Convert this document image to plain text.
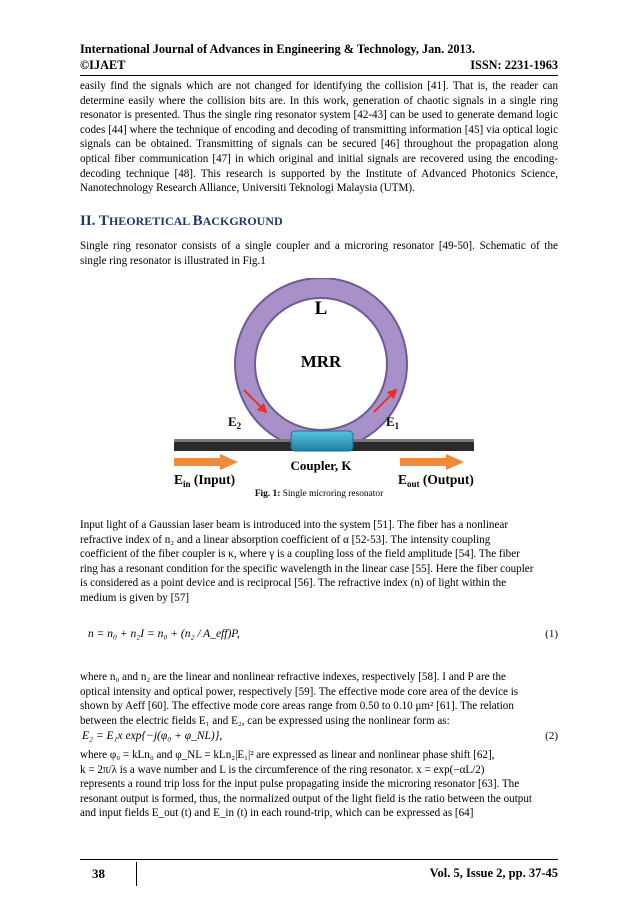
International Journal of Advances in Engineering & Technology, Jan. 2013.
©IJAET	ISSN: 2231-1963

easily find the signals which are not changed for identifying the collision [41]. That is, the reader can determine easily where the collision bits are. In this work, generation of chaotic signals in a single ring resonator is presented. Thus the single ring resonator system [42-43] can be used to generate demand logic codes [44] where the technique of encoding and decoding of transmitting information [45] via optical logic signals can be obtained. Transmitting of signals can be secured [46] throughout the propagation along optical fiber communication [47] in which original and initial signals are recovered using the encoding-decoding technique [48]. This research is supported by the Institute of Advanced Photonics Science, Nanotechnology Research Alliance, Universiti Teknologi Malaysia (UTM).

II. THEORETICAL BACKGROUND

Single ring resonator consists of a single coupler and a microring resonator [49-50]. Schematic of the single ring resonator is illustrated in Fig.1

L
MRR
$E_2$	$E_1$
Coupler, K
$E_{in}$ (Input)	$E_{out}$ (Output)
Fig. 1: Single microring resonator
Input light of a Gaussian laser beam is introduced into the system [51]. The fiber has a nonlinear
refractive index of n₂ and a linear absorption coefficient of α [52-53]. The intensity coupling
coefficient of the fiber coupler is κ, where γ is a coupling loss of the field amplitude [54]. The fiber
ring has a resonant condition for the specific wavelength in the linear case [55]. Here the fiber coupler
is considered as a point device and is reciprocal [56]. The refractive index (n) of light within the
medium is given by [57]
n = n₀ + n₂I = n₀ + (n₂ / A_eff)P,	(1)
where n₀ and n₂ are the linear and nonlinear refractive indexes, respectively [58]. I and P are the
optical intensity and optical power, respectively [59]. The effective mode core area of the device is
shown by Aeff [60]. The effective mode core areas range from 0.50 to 0.10 μm² [61]. The relation
between the electric fields E₁ and E₂, can be expressed using the nonlinear form as:
E₂ = E₁x exp{−j(φ₀ + φ_NL)},	(2)
where φ₀ = kLn₀ and φ_NL = kLn₂|E₁|² are expressed as linear and nonlinear phase shift [62],
k = 2π/λ is a wave number and L is the circumference of the ring resonator. x = exp(−αL/2)
represents a round trip loss for the input pulse propagating inside the microring resonator [63]. The
resonant output is formed, thus, the normalized output of the light field is the ratio between the output
and input fields E_out (t) and E_in (t) in each round-trip, which can be expressed as [64]
38	Vol. 5, Issue 2, pp. 37-45
